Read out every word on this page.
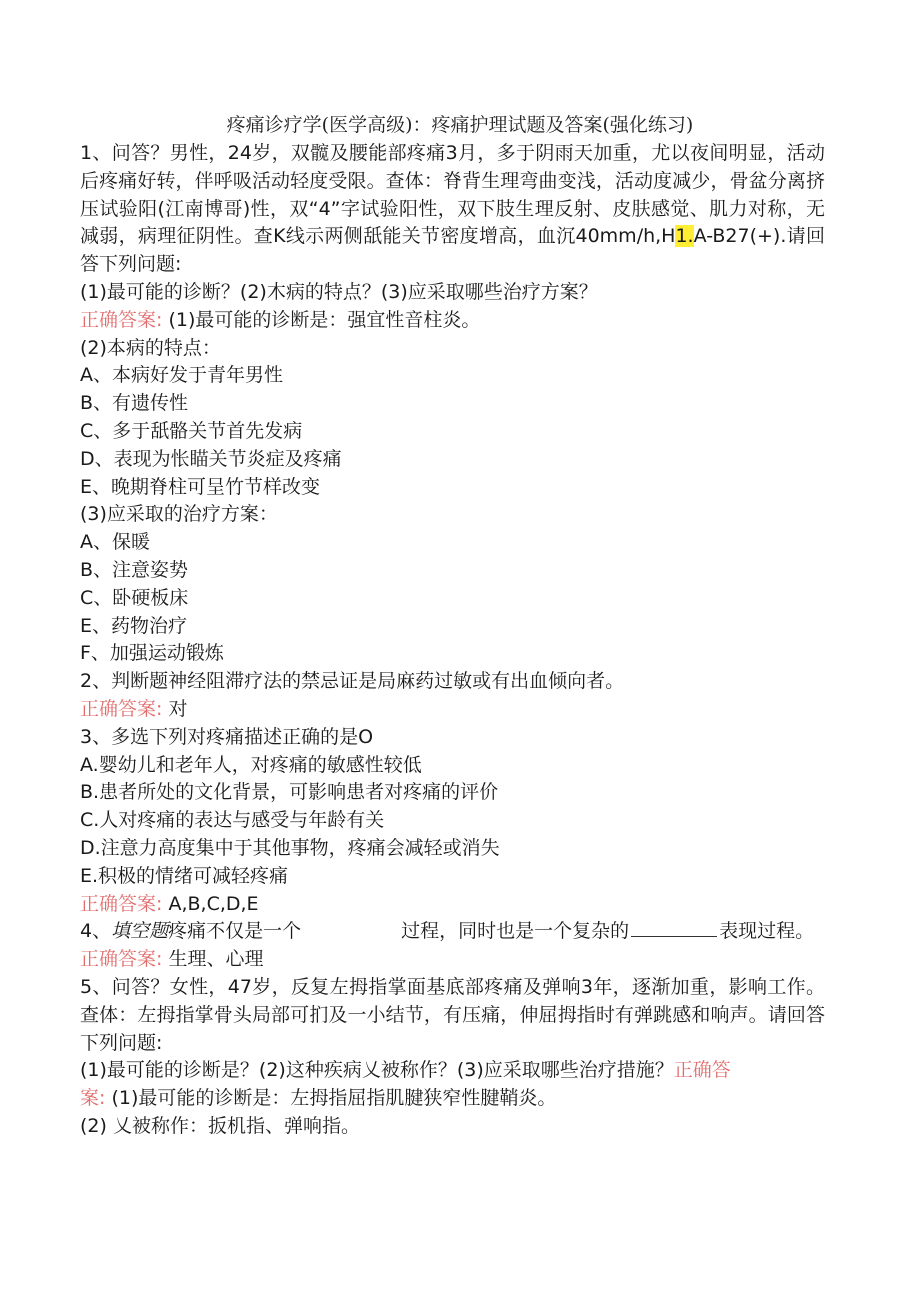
疼痛诊疗学(医学高级)：疼痛护理试题及答案(强化练习)
1、问答？男性，24岁，双髋及腰能部疼痛3月，多于阴雨天加重，尤以夜间明显，活动后疼痛好转，伴呼吸活动轻度受限。查体：脊背生理弯曲变浅，活动度减少，骨盆分离挤压试验阳(江南博哥)性，双“4”字试验阳性，双下肢生理反射、皮肤感觉、肌力对称，无减弱，病理征阴性。查K线示两侧舐能关节密度增高，血沉40mm/h,H1.A-B27(+).请回答下列问题:
(1)最可能的诊断？(2)木病的特点？(3)应采取哪些治疗方案？
正确答案: (1)最可能的诊断是：强宜性音柱炎。
(2)本病的特点：
A、本病好发于青年男性
B、有遗传性
C、多于舐骼关节首先发病
D、表现为怅瞄关节炎症及疼痛
E、晚期脊柱可呈竹节样改变
(3)应采取的治疗方案：
A、保暖
B、注意姿势
C、卧硬板床
E、药物治疗
F、加强运动锻炼
2、判断题神经阻滞疗法的禁忌证是局麻药过敏或有出血倾向者。
正确答案: 对
3、多选下列对疼痛描述正确的是O
A.婴幼儿和老年人，对疼痛的敏感性较低
B.患者所处的文化背景，可影响患者对疼痛的评价
C.人对疼痛的表达与感受与年龄有关
D.注意力高度集中于其他事物，疼痛会减轻或消失
E.积极的情绪可减轻疼痛
正确答案: A,B,C,D,E
4、填空题疼痛不仅是一个	过程，同时也是一个复杂的	表现过程。
正确答案: 生理、心理
5、问答？女性，47岁，反复左拇指掌面基底部疼痛及弹响3年，逐渐加重，影响工作。查体：左拇指掌骨头局部可扪及一小结节，有压痛，伸屈拇指时有弹跳感和响声。请回答下列问题:
(1)最可能的诊断是？(2)这种疾病乂被称作？(3)应采取哪些治疗措施？正确答
案: (1)最可能的诊断是：左拇指屈指肌腱狭窄性腱鞘炎。
(2) 乂被称作：扳机指、弹响指。
